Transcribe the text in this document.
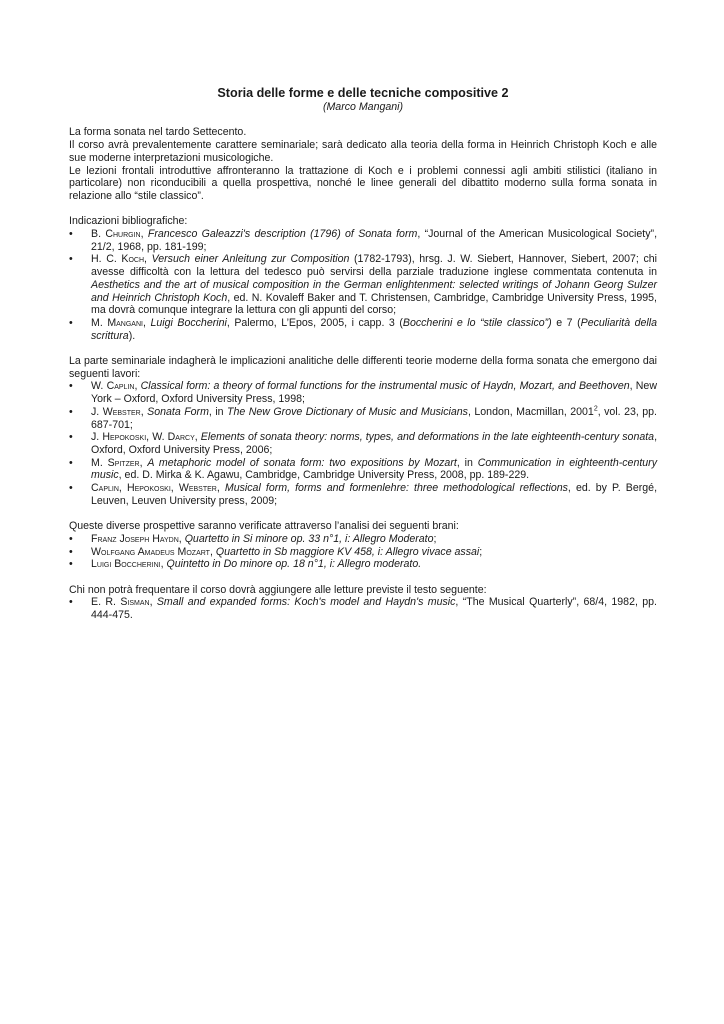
Storia delle forme e delle tecniche compositive 2
(Marco Mangani)

La forma sonata nel tardo Settecento.

Il corso avrà prevalentemente carattere seminariale; sarà dedicato alla teoria della forma in Heinrich Christoph Koch e alle sue moderne interpretazioni musicologiche.

Le lezioni frontali introduttive affronteranno la trattazione di Koch e i problemi connessi agli ambiti stilistici (italiano in particolare) non riconducibili a quella prospettiva, nonché le linee generali del dibattito moderno sulla forma sonata in relazione allo “stile classico”.

Indicazioni bibliografiche:

• B. Churgin, Francesco Galeazzi's description (1796) of Sonata form, “Journal of the American Musicological Society”, 21/2, 1968, pp. 181-199;
• H. C. Koch, Versuch einer Anleitung zur Composition (1782-1793), hrsg. J. W. Siebert, Hannover, Siebert, 2007; chi avesse difficoltà con la lettura del tedesco può servirsi della parziale traduzione inglese commentata contenuta in Aesthetics and the art of musical composition in the German enlightenment: selected writings of Johann Georg Sulzer and Heinrich Christoph Koch, ed. N. Kovaleff Baker and T. Christensen, Cambridge, Cambridge University Press, 1995, ma dovrà comunque integrare la lettura con gli appunti del corso;
• M. Mangani, Luigi Boccherini, Palermo, L’Epos, 2005, i capp. 3 (Boccherini e lo “stile classico”) e 7 (Peculiarità della scrittura).

La parte seminariale indagherà le implicazioni analitiche delle differenti teorie moderne della forma sonata che emergono dai seguenti lavori:

• W. Caplin, Classical form: a theory of formal functions for the instrumental music of Haydn, Mozart, and Beethoven, New York – Oxford, Oxford University Press, 1998;
• J. Webster, Sonata Form, in The New Grove Dictionary of Music and Musicians, London, Macmillan, 2001$^2$, vol. 23, pp. 687-701;
• J. Hepokoski, W. Darcy, Elements of sonata theory: norms, types, and deformations in the late eighteenth-century sonata, Oxford, Oxford University Press, 2006;
• M. Spitzer, A metaphoric model of sonata form: two expositions by Mozart, in Communication in eighteenth-century music, ed. D. Mirka & K. Agawu, Cambridge, Cambridge University Press, 2008, pp. 189-229.
• Caplin, Hepokoski, Webster, Musical form, forms and formenlehre: three methodological reflections, ed. by P. Bergé, Leuven, Leuven University press, 2009;

Queste diverse prospettive saranno verificate attraverso l’analisi dei seguenti brani:

• Franz Joseph Haydn, Quartetto in Si minore op. 33 n°1, i: Allegro Moderato;
• Wolfgang Amadeus Mozart, Quartetto in Sb maggiore KV 458, i: Allegro vivace assai;
• Luigi Boccherini, Quintetto in Do minore op. 18 n°1, i: Allegro moderato.

Chi non potrà frequentare il corso dovrà aggiungere alle letture previste il testo seguente:

• E. R. Sisman, Small and expanded forms: Koch's model and Haydn's music, “The Musical Quarterly”, 68/4, 1982, pp. 444-475.
